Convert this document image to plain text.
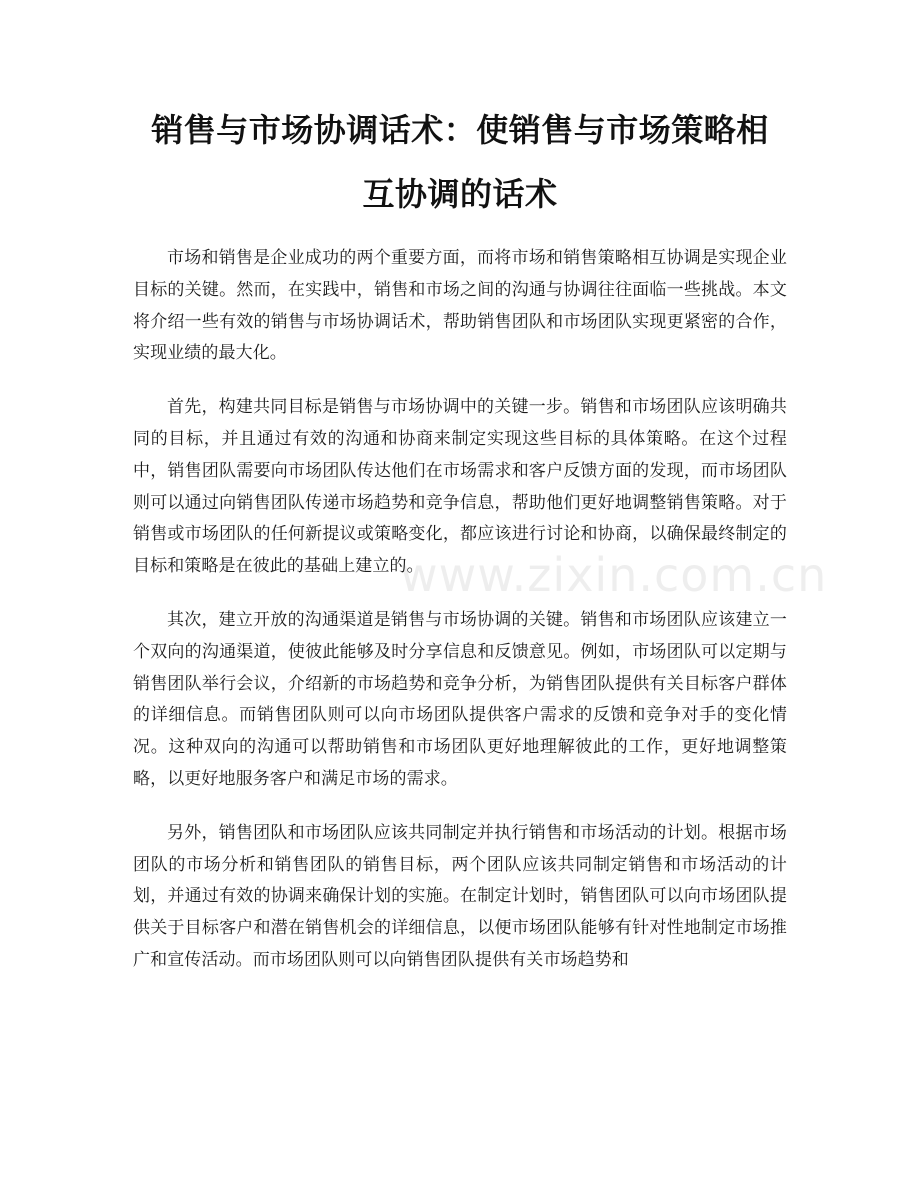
销售与市场协调话术：使销售与市场策略相
互协调的话术

市场和销售是企业成功的两个重要方面，而将市场和销售策略相互协调是实现企业目标的关键。然而，在实践中，销售和市场之间的沟通与协调往往面临一些挑战。本文将介绍一些有效的销售与市场协调话术，帮助销售团队和市场团队实现更紧密的合作，实现业绩的最大化。

首先，构建共同目标是销售与市场协调中的关键一步。销售和市场团队应该明确共同的目标，并且通过有效的沟通和协商来制定实现这些目标的具体策略。在这个过程中，销售团队需要向市场团队传达他们在市场需求和客户反馈方面的发现，而市场团队则可以通过向销售团队传递市场趋势和竞争信息，帮助他们更好地调整销售策略。对于销售或市场团队的任何新提议或策略变化，都应该进行讨论和协商，以确保最终制定的目标和策略是在彼此的基础上建立的。

其次，建立开放的沟通渠道是销售与市场协调的关键。销售和市场团队应该建立一个双向的沟通渠道，使彼此能够及时分享信息和反馈意见。例如，市场团队可以定期与销售团队举行会议，介绍新的市场趋势和竞争分析，为销售团队提供有关目标客户群体的详细信息。而销售团队则可以向市场团队提供客户需求的反馈和竞争对手的变化情况。这种双向的沟通可以帮助销售和市场团队更好地理解彼此的工作，更好地调整策略，以更好地服务客户和满足市场的需求。

另外，销售团队和市场团队应该共同制定并执行销售和市场活动的计划。根据市场团队的市场分析和销售团队的销售目标，两个团队应该共同制定销售和市场活动的计划，并通过有效的协调来确保计划的实施。在制定计划时，销售团队可以向市场团队提供关于目标客户和潜在销售机会的详细信息，以便市场团队能够有针对性地制定市场推广和宣传活动。而市场团队则可以向销售团队提供有关市场趋势和

www.zixin.com.cn
